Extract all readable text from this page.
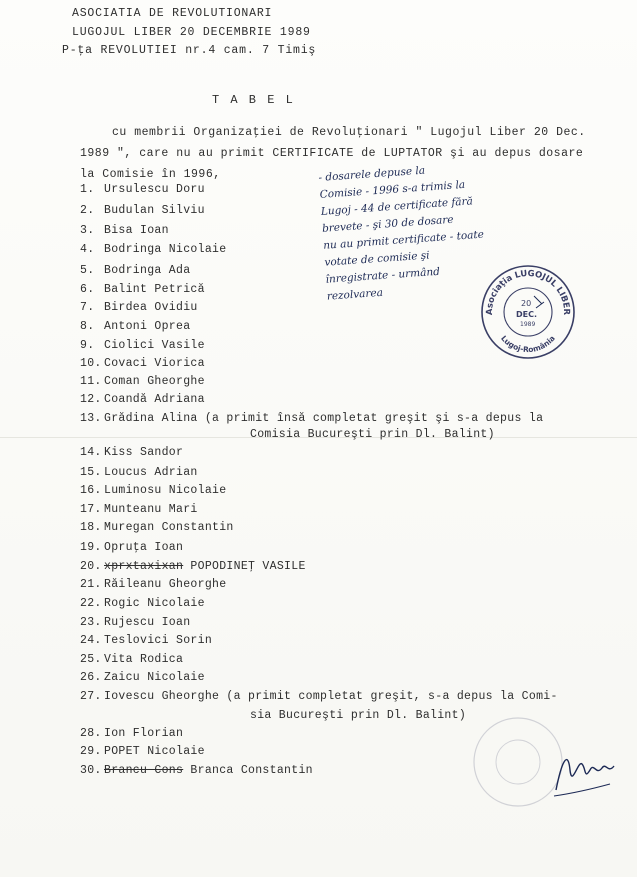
ASOCIATIA DE REVOLUTIONARI
LUGOJUL LIBER 20 DECEMBRIE 1989
P-ţa REVOLUTIEI nr.4 cam. 7 Timiş
T A B E L
cu membrii Organizaţiei de Revoluţionari " Lugojul Liber 20 Dec.
1989 ", care nu au primit CERTIFICATE de LUPTATOR şi au depus dosare
la Comisie în 1996,
1. Ursulescu Doru
2. Budulan Silviu
3. Bisa Ioan
4. Bodringa Nicolaie
5. Bodringa Ada
6. Balint Petrică
7. Birdea Ovidiu
8. Antoni Oprea
9. Ciolici Vasile
10. Covaci Viorica
11. Coman Gheorghe
12. Coandă Adriana
13. Grădina Alina (a primit însă completat greşit şi s-a depus la
14. Kiss Sandor
15. Loucus Adrian
16. Luminosu Nicolaie
17. Munteanu Mari
18. Muregan Constantin
19. Opruţa Ioan
20. xprxtaxixan POPODINEŢ VASILE
21. Răileanu Gheorghe
22. Rogic Nicolaie
23. Rujescu Ioan
24. Teslovici Sorin
25. Vita Rodica
26. Zaicu Nicolaie
27. Iovescu Gheorghe (a primit completat greşit, s-a depus la Comi-
28. Ion Florian
29. POPET Nicolaie
30. Brancu Cons Branca Constantin
Comisia Bucureşti prin Dl. Balint)
sia Bucureşti prin Dl. Balint)
- dosarele depuse la
Comisie - 1996 s-a trimis la
Lugoj - 44 de certificate fără
brevete - şi 30 de dosare
nu au primit certificate - toate
votate de comisie şi
înregistrate - urmând
rezolvarea
Asociaţia LUGOJUL LIBER
Lugoj-România
20
DEC.
1989
